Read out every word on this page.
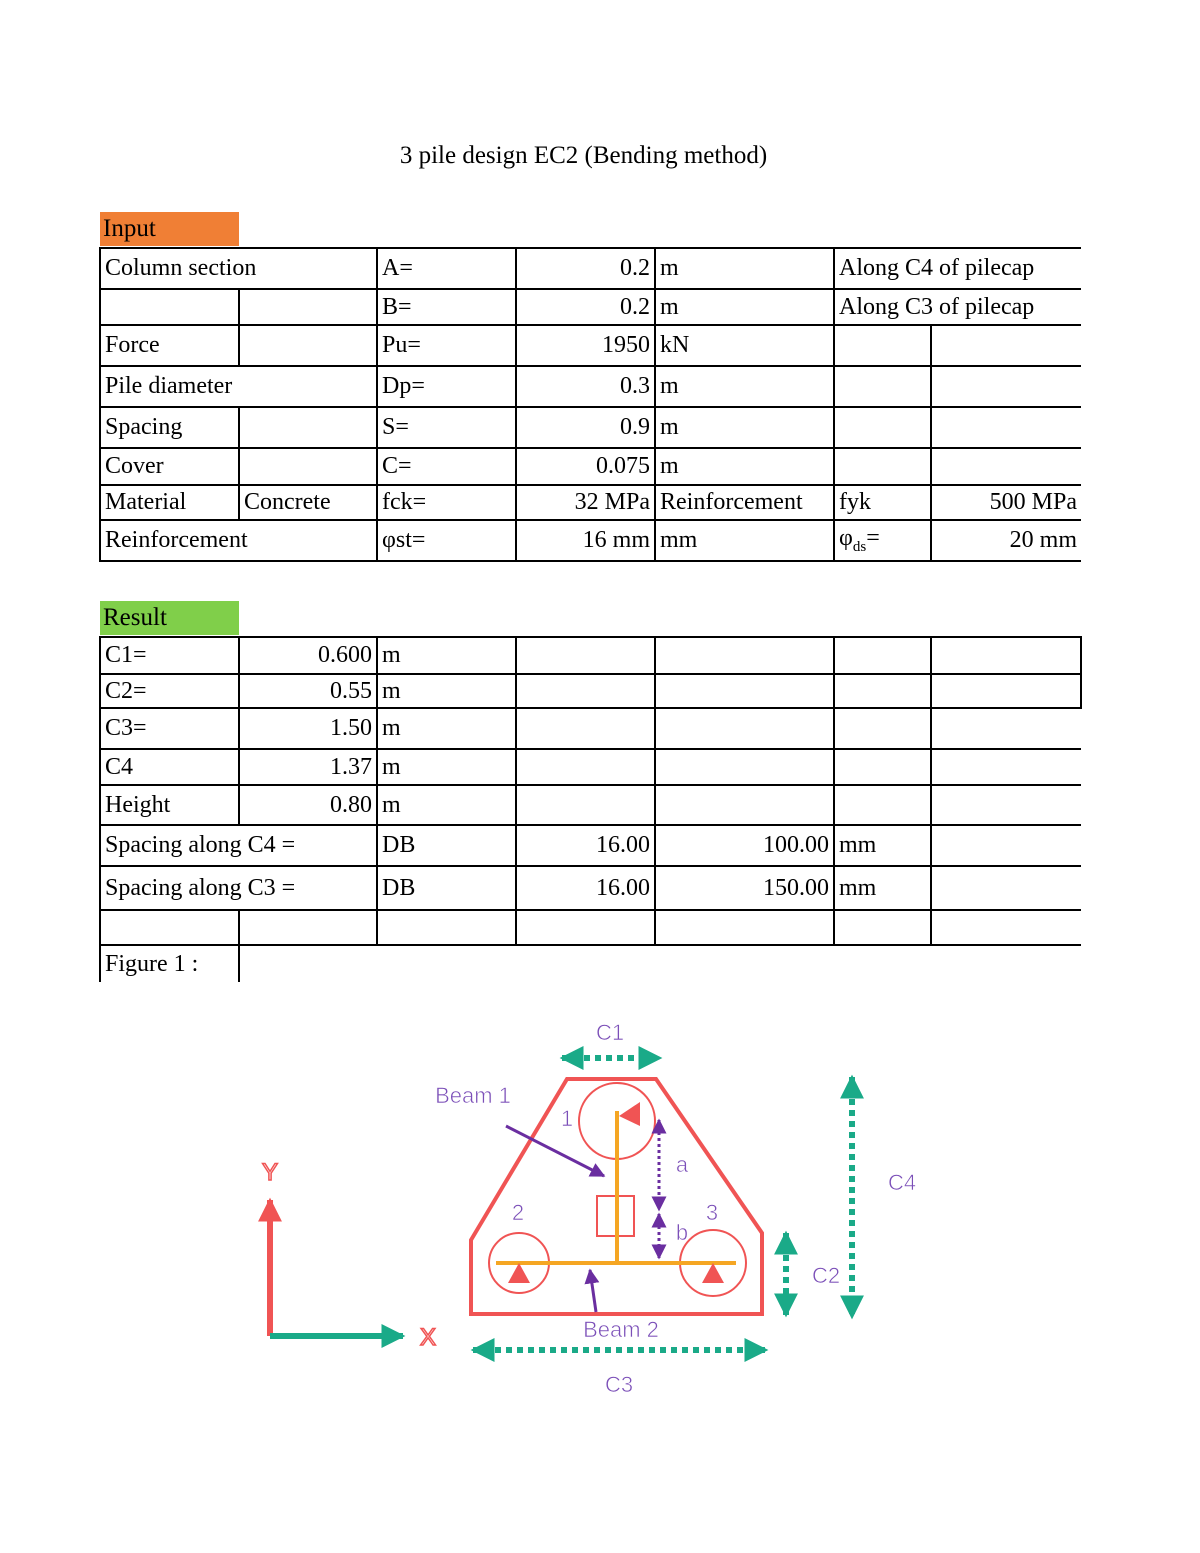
3 pile design EC2 (Bending method)
Input
Column section		A=	0.2	m	Along C4 of pilecap	
		B=	0.2	m	Along C3 of pilecap	
Force		Pu=	1950	kN		
Pile diameter		Dp=	0.3	m		
Spacing		S=	0.9	m		
Cover		C=	0.075	m		
Material	Concrete	fck=	32 MPa	Reinforcement	fyk	500 MPa
Reinforcement		φst=	16 mm	mm	$\varphi_{ds}=$	20 mm
Result
C1=	0.600	m				
C2=	0.55	m				
C3=	1.50	m				
C4	1.37	m				
Height	0.80	m				
Spacing along C4 =		DB	16.00	100.00	mm	
Spacing along C3 =		DB	16.00	150.00	mm	

Figure 1 :						
C1
C3
C2
C4
Beam 1
Beam 2
1
2	3
a
b
Y
X
